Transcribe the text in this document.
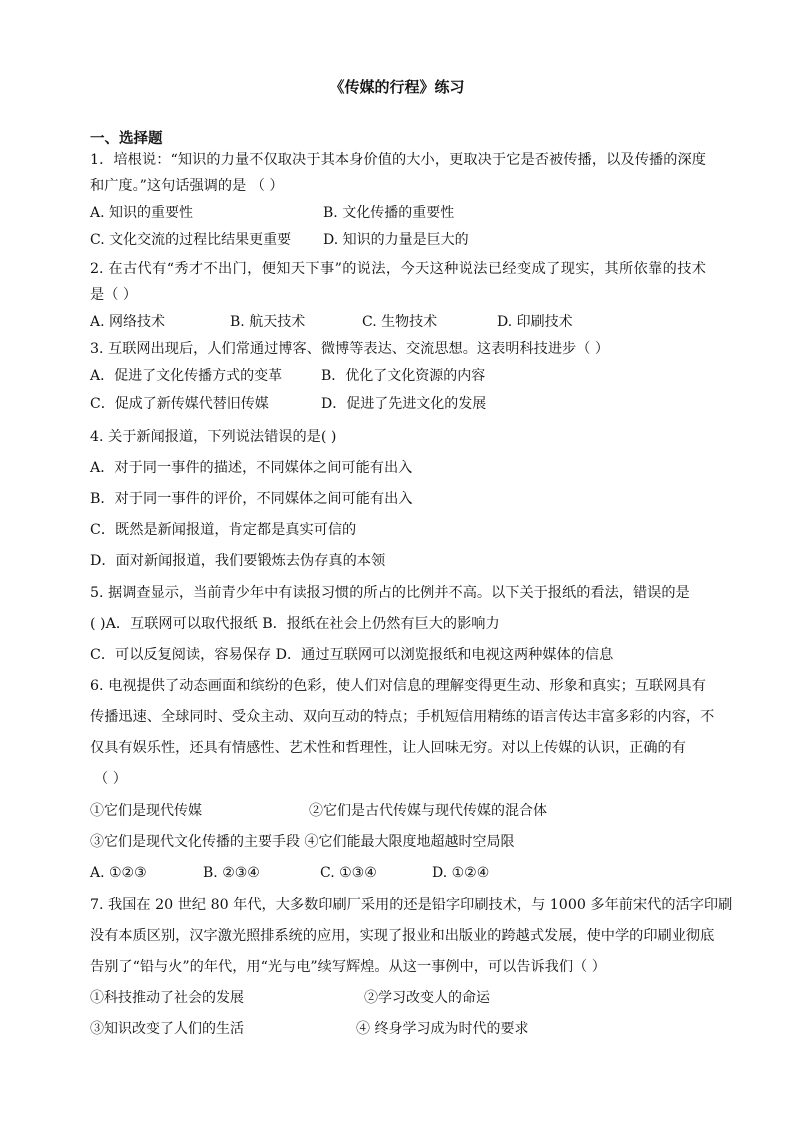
《传媒的行程》练习
一、选择题
1．培根说：“知识的力量不仅取决于其本身价值的大小，更取决于它是否被传播，以及传播的深度
和广度。”这句话强调的是 （ ）
A. 知识的重要性	B. 文化传播的重要性
C. 文化交流的过程比结果更重要 D. 知识的力量是巨大的
2. 在古代有“秀才不出门，便知天下事”的说法，今天这种说法已经变成了现实，其所依靠的技术
是（ ）
A. 网络技术	B. 航天技术	C. 生物技术	D. 印刷技术
3. 互联网出现后，人们常通过博客、微博等表达、交流思想。这表明科技进步（ ）
A．促进了文化传播方式的变革	B．优化了文化资源的内容
C．促成了新传媒代替旧传媒	D．促进了先进文化的发展
4. 关于新闻报道，下列说法错误的是( )
A．对于同一事件的描述，不同媒体之间可能有出入
B．对于同一事件的评价，不同媒体之间可能有出入
C．既然是新闻报道，肯定都是真实可信的
D．面对新闻报道，我们要锻炼去伪存真的本领
5. 据调查显示，当前青少年中有读报习惯的所占的比例并不高。以下关于报纸的看法，错误的是
( )A．互联网可以取代报纸 B．报纸在社会上仍然有巨大的影响力
C．可以反复阅读，容易保存 D．通过互联网可以浏览报纸和电视这两种媒体的信息
6. 电视提供了动态画面和缤纷的色彩，使人们对信息的理解变得更生动、形象和真实；互联网具有
传播迅速、全球同时、受众主动、双向互动的特点；手机短信用精练的语言传达丰富多彩的内容，不
仅具有娱乐性，还具有情感性、艺术性和哲理性，让人回味无穷。对以上传媒的认识，正确的有
（ ）
①它们是现代传媒	②它们是古代传媒与现代传媒的混合体
③它们是现代文化传播的主要手段 ④它们能最大限度地超越时空局限
A. ①②③	B. ②③④	C. ①③④	D. ①②④
7. 我国在 20 世纪 80 年代，大多数印刷厂采用的还是铅字印刷技术，与 1000 多年前宋代的活字印刷
没有本质区别，汉字激光照排系统的应用，实现了报业和出版业的跨越式发展，使中学的印刷业彻底
告别了“铅与火”的年代，用“光与电”续写辉煌。从这一事例中，可以告诉我们（ ）
①科技推动了社会的发展	②学习改变人的命运
③知识改变了人们的生活	④ 终身学习成为时代的要求
